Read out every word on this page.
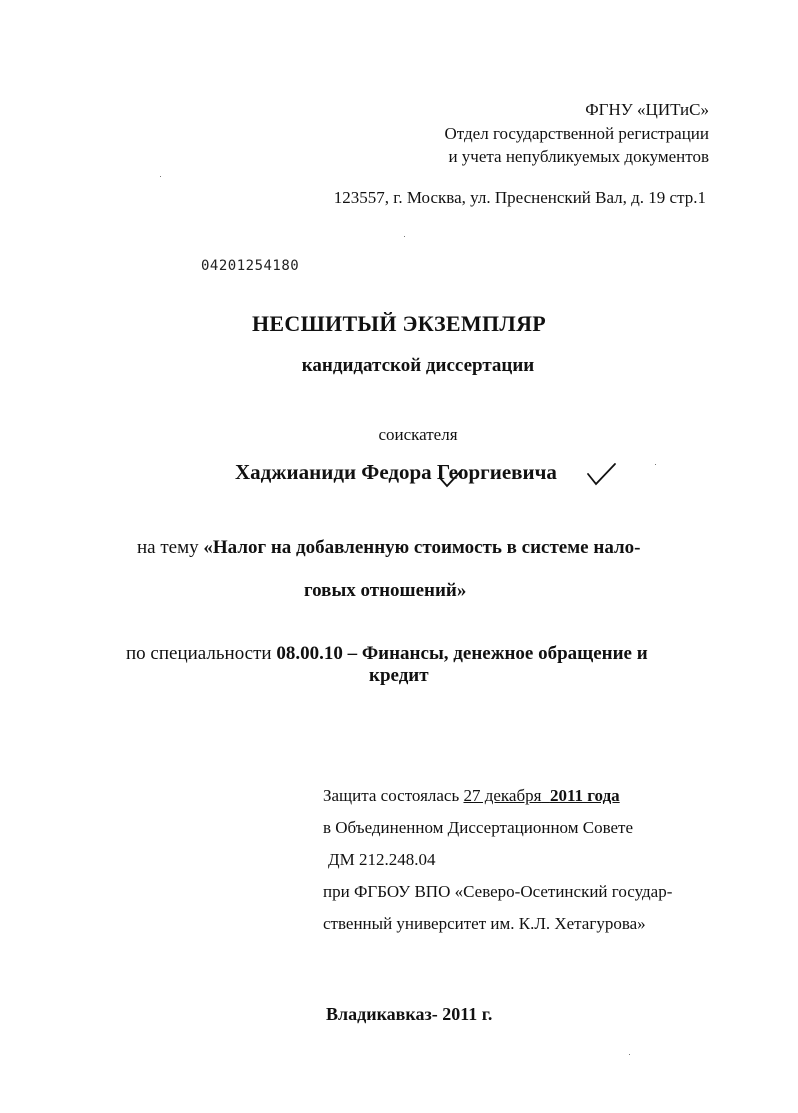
ФГНУ «ЦИТиС»
Отдел государственной регистрации
и учета непубликуемых документов
123557, г. Москва, ул. Пресненский Вал, д. 19 стр.1
04201254180
НЕСШИТЫЙ ЭКЗЕМПЛЯР
кандидатской диссертации
соискателя
Хаджианиди Федора Георгиевича
на тему «Налог на добавленную стоимость в системе нало-
говых отношений»
по специальности 08.00.10 – Финансы, денежное обращение и
кредит
Защита состоялась 27 декабря 2011 года
в Объединенном Диссертационном Совете
ДМ 212.248.04
при ФГБОУ ВПО «Северо-Осетинский государ-
ственный университет им. К.Л. Хетагурова»
Владикавказ- 2011 г.
